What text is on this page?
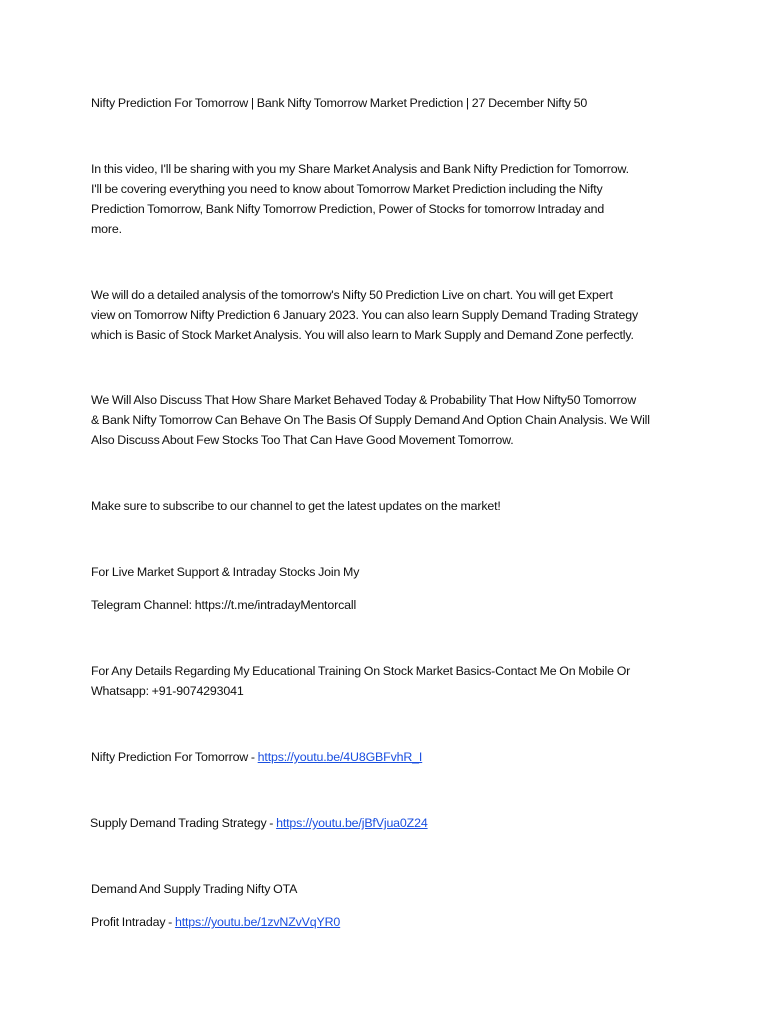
Nifty Prediction For Tomorrow | Bank Nifty Tomorrow Market Prediction | 27 December Nifty 50
In this video, I'll be sharing with you my Share Market Analysis and Bank Nifty Prediction for Tomorrow.
I'll be covering everything you need to know about Tomorrow Market Prediction including the Nifty
Prediction Tomorrow, Bank Nifty Tomorrow Prediction, Power of Stocks for tomorrow Intraday and
more.
We will do a detailed analysis of the tomorrow's Nifty 50 Prediction Live on chart. You will get Expert
view on Tomorrow Nifty Prediction 6 January 2023. You can also learn Supply Demand Trading Strategy
which is Basic of Stock Market Analysis. You will also learn to Mark Supply and Demand Zone perfectly.
We Will Also Discuss That How Share Market Behaved Today & Probability That How Nifty50 Tomorrow
& Bank Nifty Tomorrow Can Behave On The Basis Of Supply Demand And Option Chain Analysis. We Will
Also Discuss About Few Stocks Too That Can Have Good Movement Tomorrow.
Make sure to subscribe to our channel to get the latest updates on the market!
For Live Market Support & Intraday Stocks Join My
Telegram Channel: https://t.me/intradayMentorcall
For Any Details Regarding My Educational Training On Stock Market Basics-Contact Me On Mobile Or
Whatsapp: +91-9074293041
Nifty Prediction For Tomorrow - https://youtu.be/4U8GBFvhR_I
Supply Demand Trading Strategy - https://youtu.be/jBfVjua0Z24
Demand And Supply Trading Nifty OTA
Profit Intraday - https://youtu.be/1zvNZvVqYR0
